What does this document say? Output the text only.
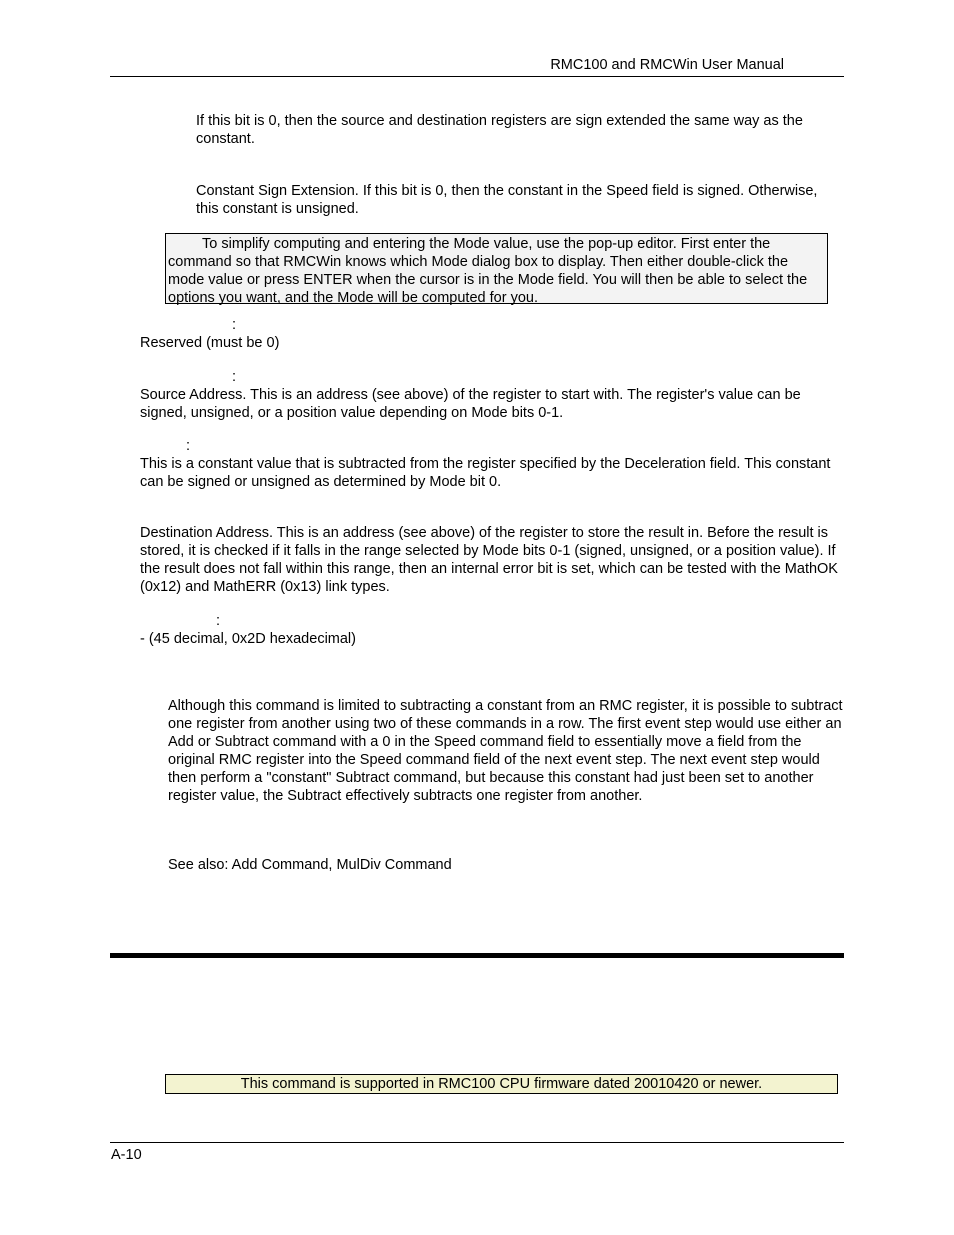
RMC100 and RMCWin User Manual
If this bit is 0, then the source and destination registers are sign extended the same way as the constant.
Constant Sign Extension. If this bit is 0, then the constant in the Speed field is signed. Otherwise, this constant is unsigned.
To simplify computing and entering the Mode value, use the pop-up editor. First enter the command so that RMCWin knows which Mode dialog box to display. Then either double-click the mode value or press ENTER when the cursor is in the Mode field. You will then be able to select the options you want, and the Mode will be computed for you.
:
Reserved (must be 0)
:
Source Address. This is an address (see above) of the register to start with. The register's value can be signed, unsigned, or a position value depending on Mode bits 0-1.
:
This is a constant value that is subtracted from the register specified by the Deceleration field. This constant can be signed or unsigned as determined by Mode bit 0.
Destination Address. This is an address (see above) of the register to store the result in. Before the result is stored, it is checked if it falls in the range selected by Mode bits 0-1 (signed, unsigned, or a position value). If the result does not fall within this range, then an internal error bit is set, which can be tested with the MathOK (0x12) and MathERR (0x13) link types.
:
- (45 decimal, 0x2D hexadecimal)
Although this command is limited to subtracting a constant from an RMC register, it is possible to subtract one register from another using two of these commands in a row. The first event step would use either an Add or Subtract command with a 0 in the Speed command field to essentially move a field from the original RMC register into the Speed command field of the next event step. The next event step would then perform a "constant" Subtract command, but because this constant had just been set to another register value, the Subtract effectively subtracts one register from another.
See also: Add Command, MulDiv Command
This command is supported in RMC100 CPU firmware dated 20010420 or newer.
A-10
